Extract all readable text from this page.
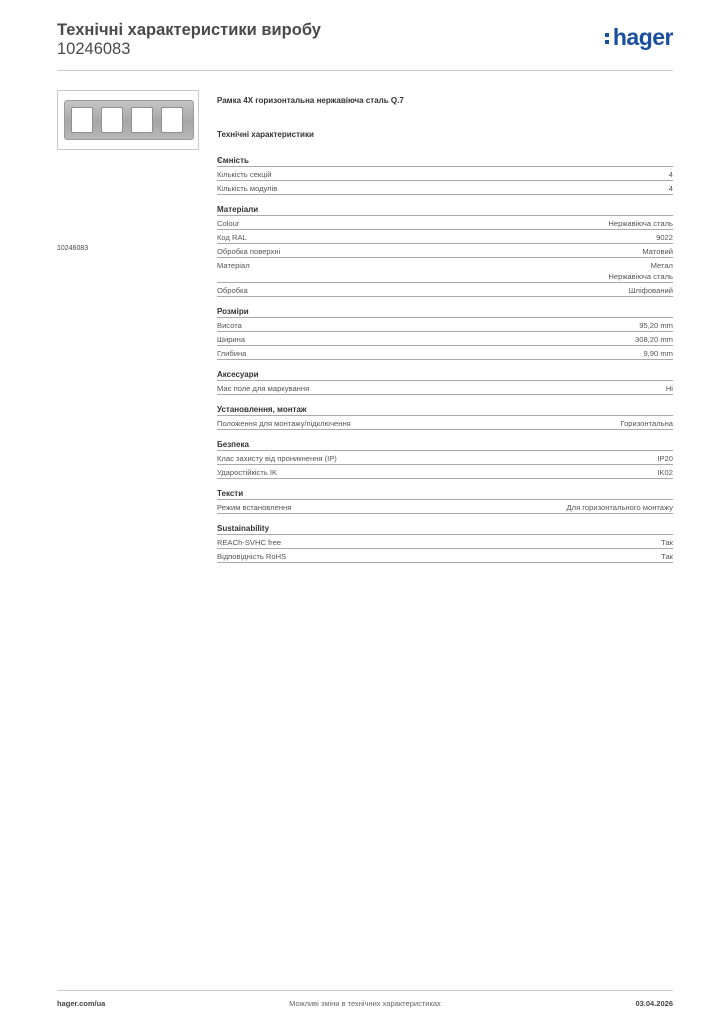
Технічні характеристики виробу
10246083	hager
10246083
Рамка 4Х горизонтальна нержавіюча сталь Q.7
Технічні характеристики
Ємність
Кількість секцій	4
Кількість модулів	4
Матеріали
Colour	Нержавіюча сталь
Код RAL	9022
Обробка поверхні	Матовий
Матеріал	Метал
Нержавіюча сталь
Обробка	Шліфований
Розміри
Висота	95,20 mm
Ширина	308,20 mm
Глибина	9,90 mm
Аксесуари
Має поле для маркування	Ні
Установлення, монтаж
Положення для монтажу/підключення	Горизонтальна
Безпека
Клас захисту від проникнення (IP)	IP20
Ударостійкість IK	IK02
Тексти
Режим встановлення	Для горизонтального монтажу
Sustainability
REACh-SVHC free	Так
Відповідність RoHS	Так
hager.com/ua	Можливі зміни в технічних характеристиках	03.04.2026
